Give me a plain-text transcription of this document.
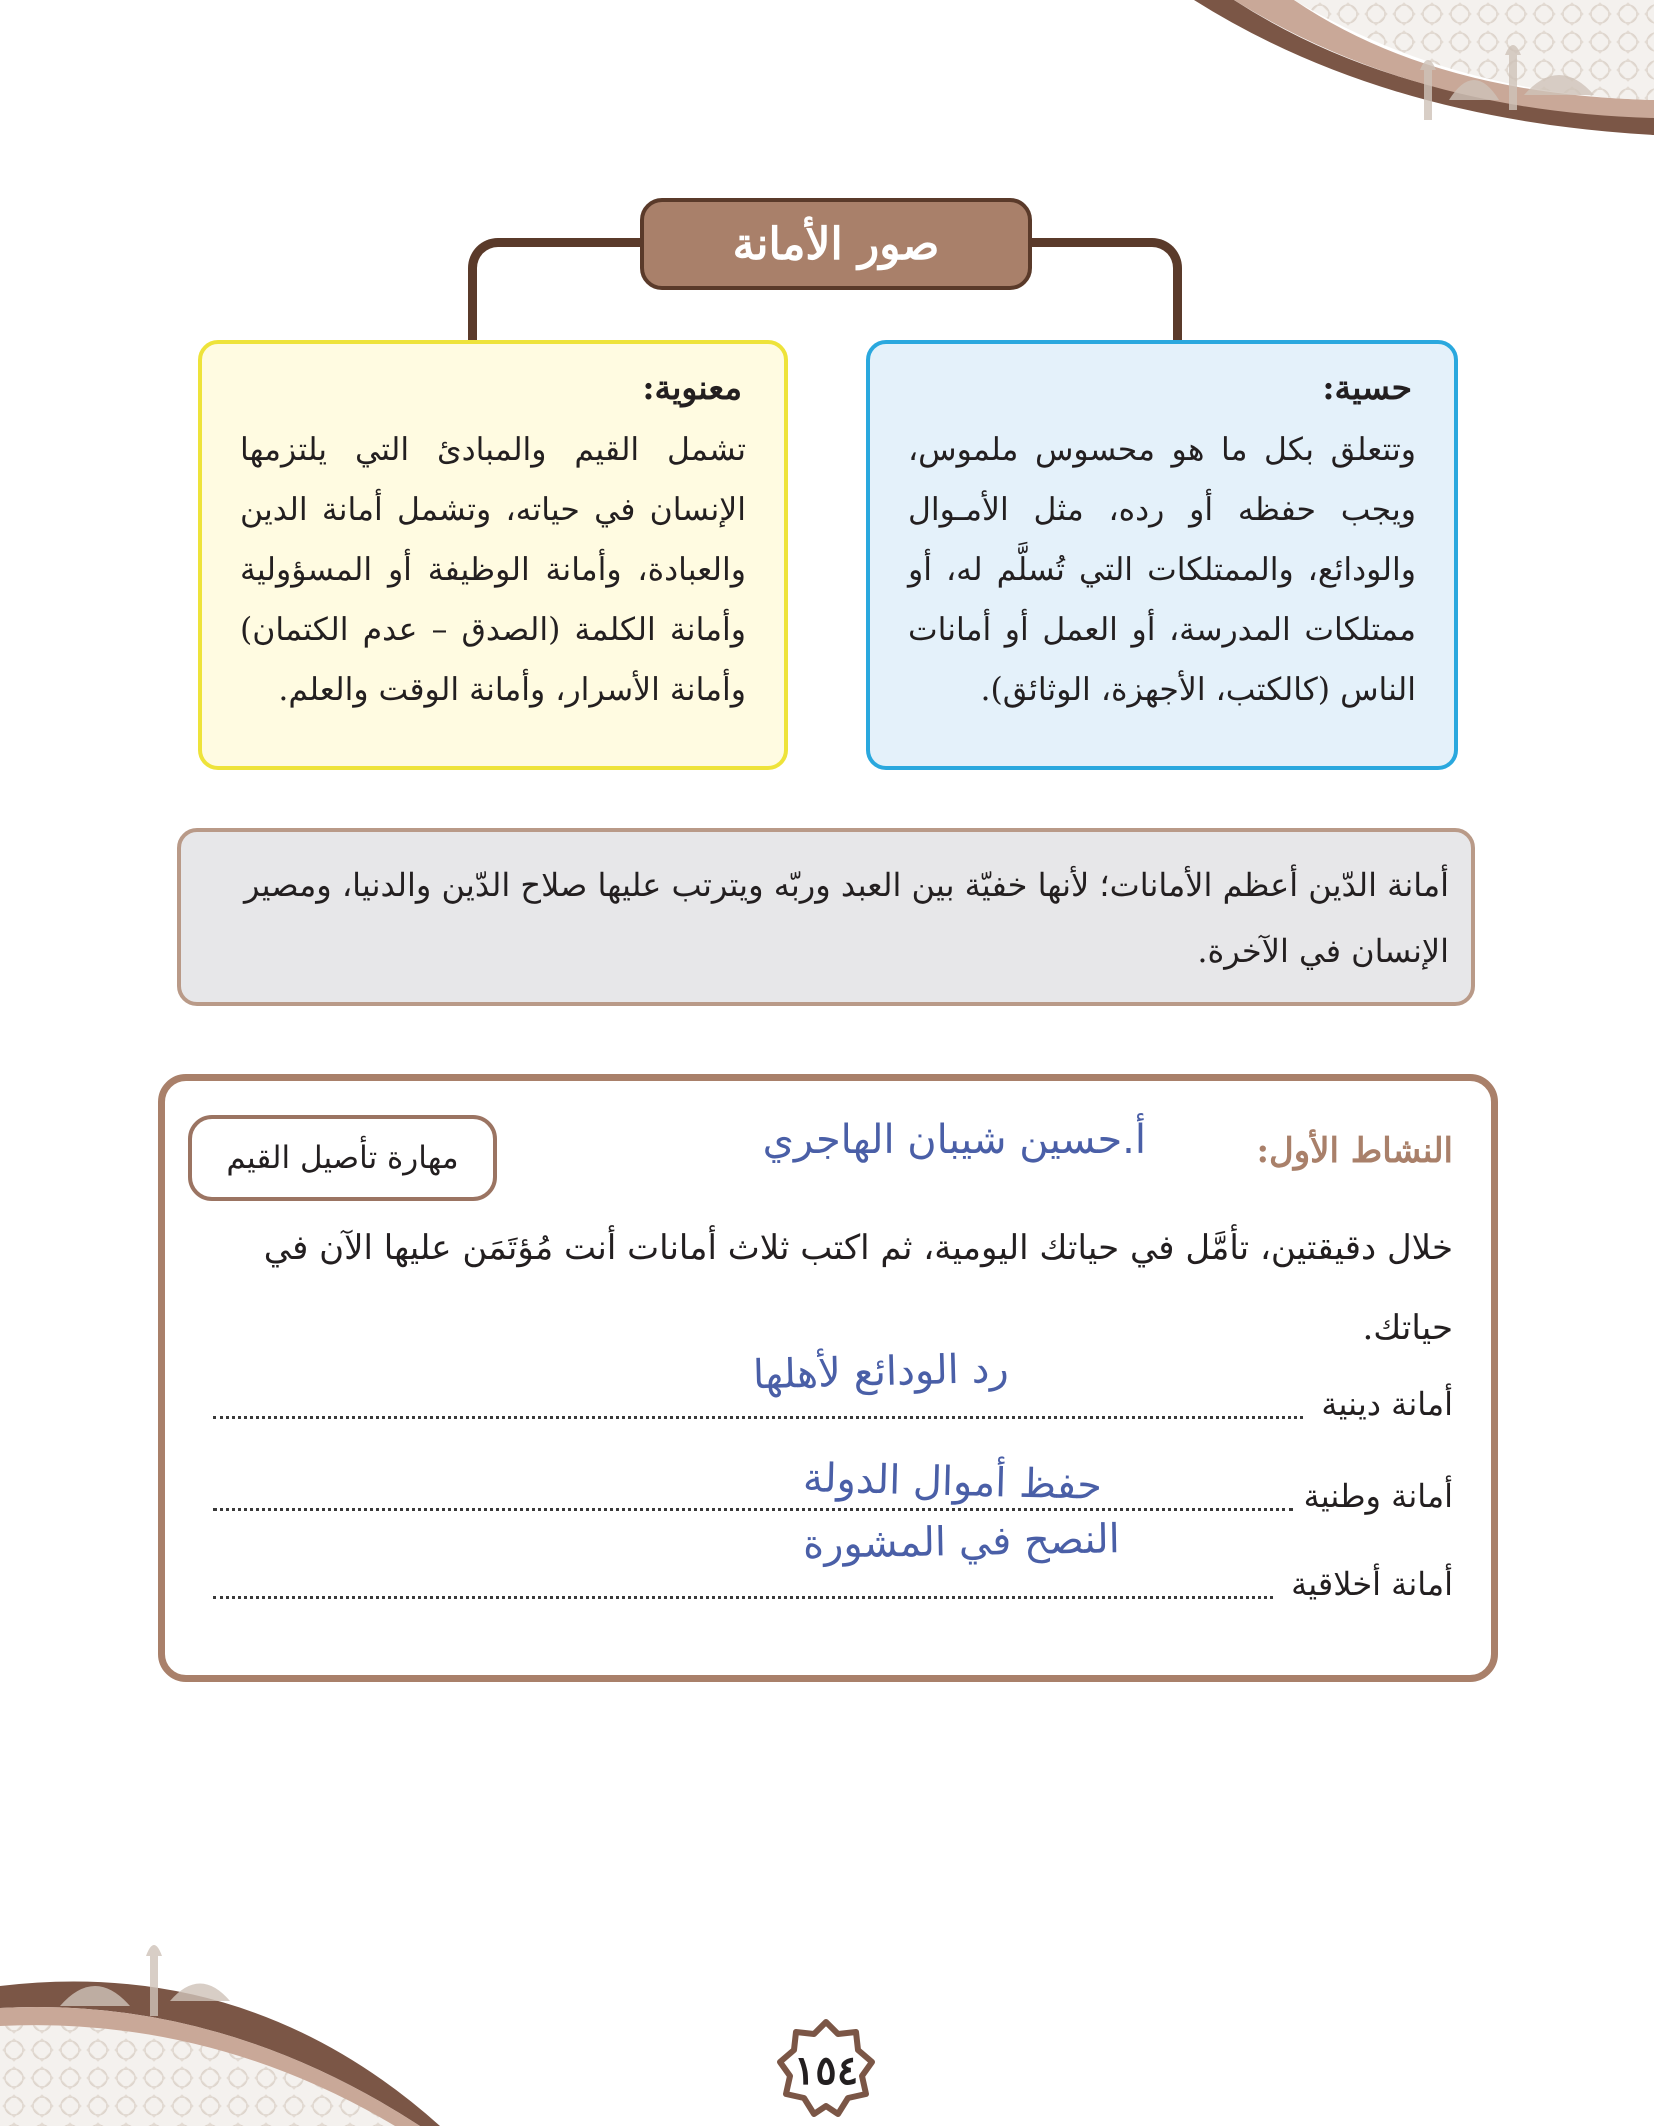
صور الأمانة
حسية:
وتتعلق بكل ما هو محسوس ملموس، ويجب حفظه أو رده، مثل الأمـوال والودائع، والممتلكات التي تُسلَّم له، أو ممتلكات المدرسة، أو العمل أو أمانات الناس (كالكتب، الأجهزة، الوثائق).
معنوية:
تشمل القيم والمبادئ التي يلتزمها الإنسان في حياته، وتشمل أمانة الدين والعبادة، وأمانة الوظيفة أو المسؤولية وأمانة الكلمة (الصدق – عدم الكتمان) وأمانة الأسرار، وأمانة الوقت والعلم.
أمانة الدّين أعظم الأمانات؛ لأنها خفيّة بين العبد وربّه ويترتب عليها صلاح الدّين والدنيا، ومصير الإنسان في الآخرة.
النشاط الأول:
أ.حسين شيبان الهاجري
مهارة تأصيل القيم
خلال دقيقتين، تأمَّل في حياتك اليومية، ثم اكتب ثلاث أمانات أنت مُؤتَمَن عليها الآن في حياتك.
أمانة دينية
رد الودائع لأهلها
أمانة وطنية
حفظ أموال الدولة
أمانة أخلاقية
النصح في المشورة
١٥٤
